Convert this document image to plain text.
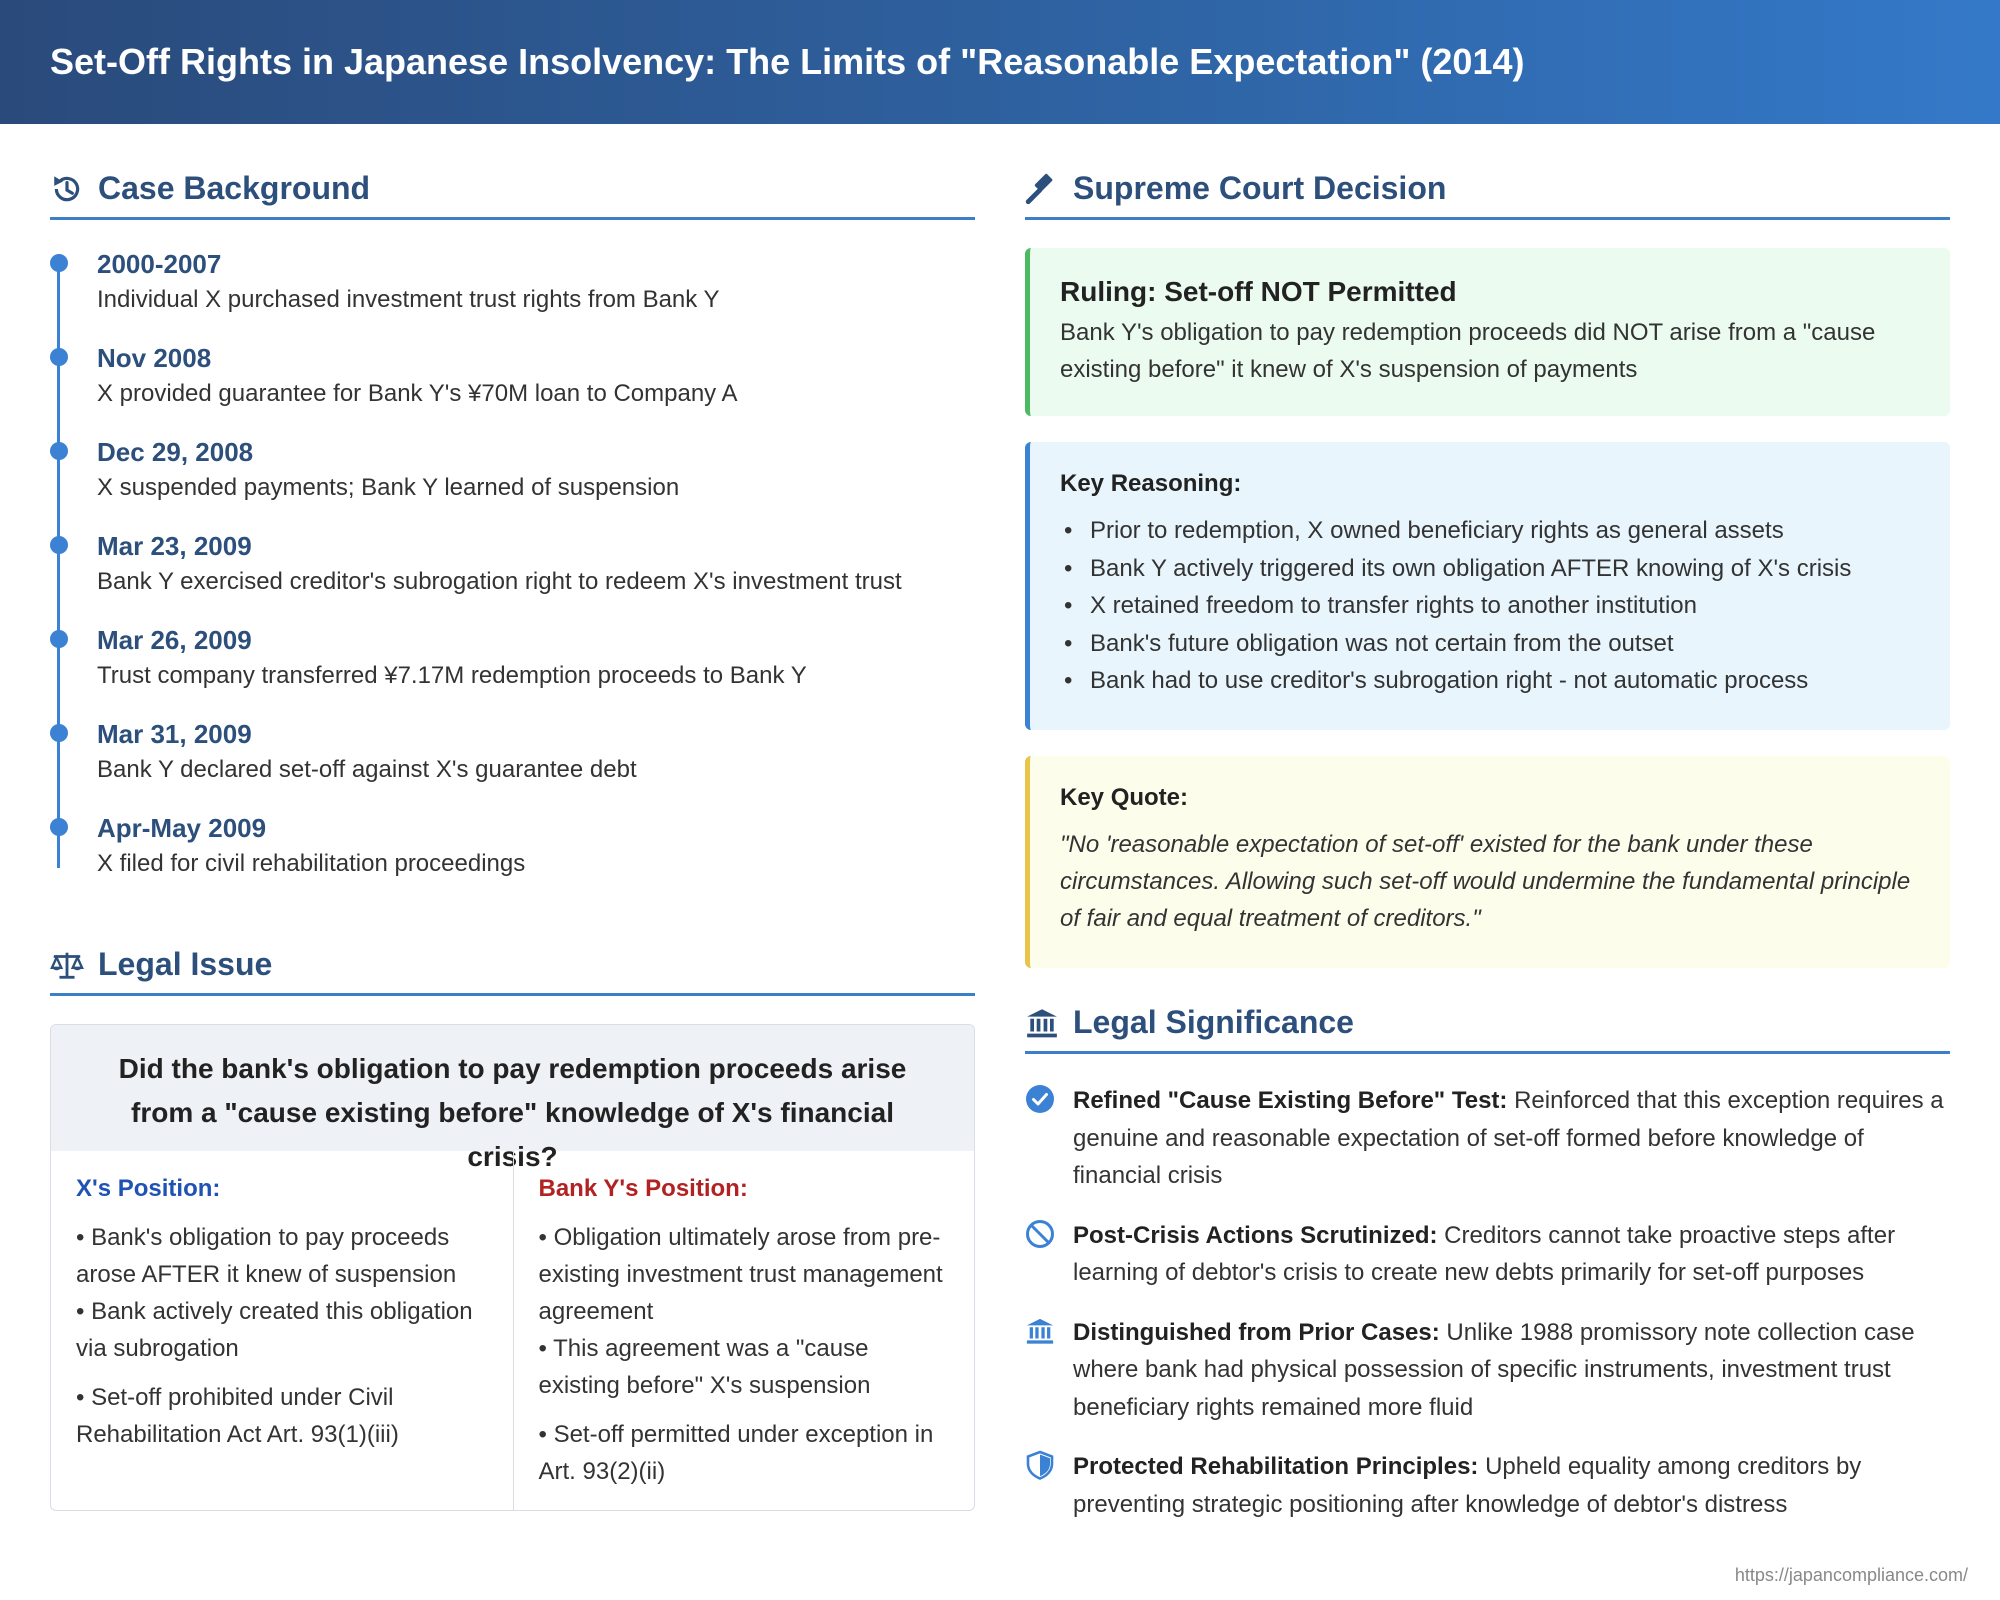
Set-Off Rights in Japanese Insolvency: The Limits of "Reasonable Expectation" (2014)
Case Background
2000-2007
Individual X purchased investment trust rights from Bank Y
Nov 2008
X provided guarantee for Bank Y's ¥70M loan to Company A
Dec 29, 2008
X suspended payments; Bank Y learned of suspension
Mar 23, 2009
Bank Y exercised creditor's subrogation right to redeem X's investment trust
Mar 26, 2009
Trust company transferred ¥7.17M redemption proceeds to Bank Y
Mar 31, 2009
Bank Y declared set-off against X's guarantee debt
Apr-May 2009
X filed for civil rehabilitation proceedings
Legal Issue
Did the bank's obligation to pay redemption proceeds arise from a "cause existing before" knowledge of X's financial crisis?
X's Position:
• Bank's obligation to pay proceeds arose AFTER it knew of suspension
• Bank actively created this obligation via subrogation
• Set-off prohibited under Civil Rehabilitation Act Art. 93(1)(iii)
Bank Y's Position:
• Obligation ultimately arose from pre-existing investment trust management agreement
• This agreement was a "cause existing before" X's suspension
• Set-off permitted under exception in Art. 93(2)(ii)
Supreme Court Decision
Ruling: Set-off NOT Permitted
Bank Y's obligation to pay redemption proceeds did NOT arise from a "cause existing before" it knew of X's suspension of payments
Key Reasoning:
• Prior to redemption, X owned beneficiary rights as general assets
• Bank Y actively triggered its own obligation AFTER knowing of X's crisis
• X retained freedom to transfer rights to another institution
• Bank's future obligation was not certain from the outset
• Bank had to use creditor's subrogation right - not automatic process
Key Quote:
"No 'reasonable expectation of set-off' existed for the bank under these circumstances. Allowing such set-off would undermine the fundamental principle of fair and equal treatment of creditors."
Legal Significance
Refined "Cause Existing Before" Test: Reinforced that this exception requires a genuine and reasonable expectation of set-off formed before knowledge of financial crisis
Post-Crisis Actions Scrutinized: Creditors cannot take proactive steps after learning of debtor's crisis to create new debts primarily for set-off purposes
Distinguished from Prior Cases: Unlike 1988 promissory note collection case where bank had physical possession of specific instruments, investment trust beneficiary rights remained more fluid
Protected Rehabilitation Principles: Upheld equality among creditors by preventing strategic positioning after knowledge of debtor's distress
https://japancompliance.com/
